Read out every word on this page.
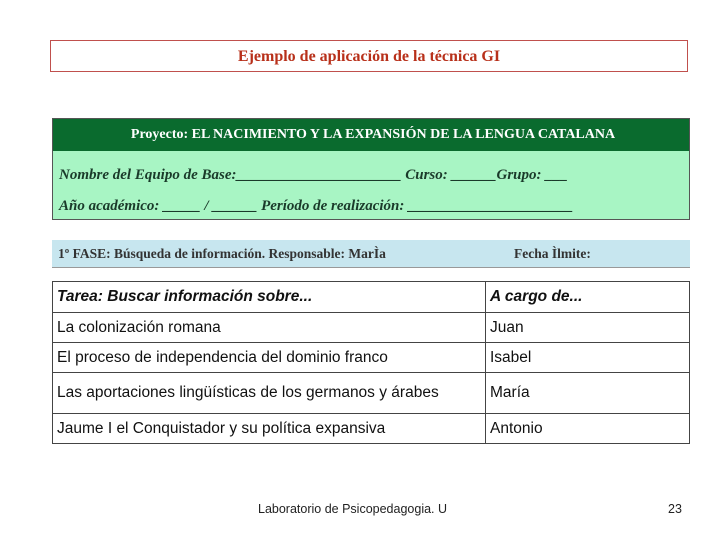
Ejemplo de aplicación de la técnica GI
Proyecto: EL NACIMIENTO Y LA EXPANSIÓN DE LA LENGUA CATALANA
Nombre del Equipo de Base:______________________ Curso: ______Grupo: ___
Año académico: _____ / ______ Período de realización: ______________________
1º FASE: Búsqueda de información. Responsable: MarÌa	Fecha Ìlmite:
Tarea: Buscar información sobre...	A cargo de...
La colonización romana	Juan
El proceso de independencia del dominio franco	Isabel
Las aportaciones lingüísticas de los germanos y árabes	María
Jaume I el Conquistador y su política expansiva	Antonio
Laboratorio de Psicopedagogia. U	23
